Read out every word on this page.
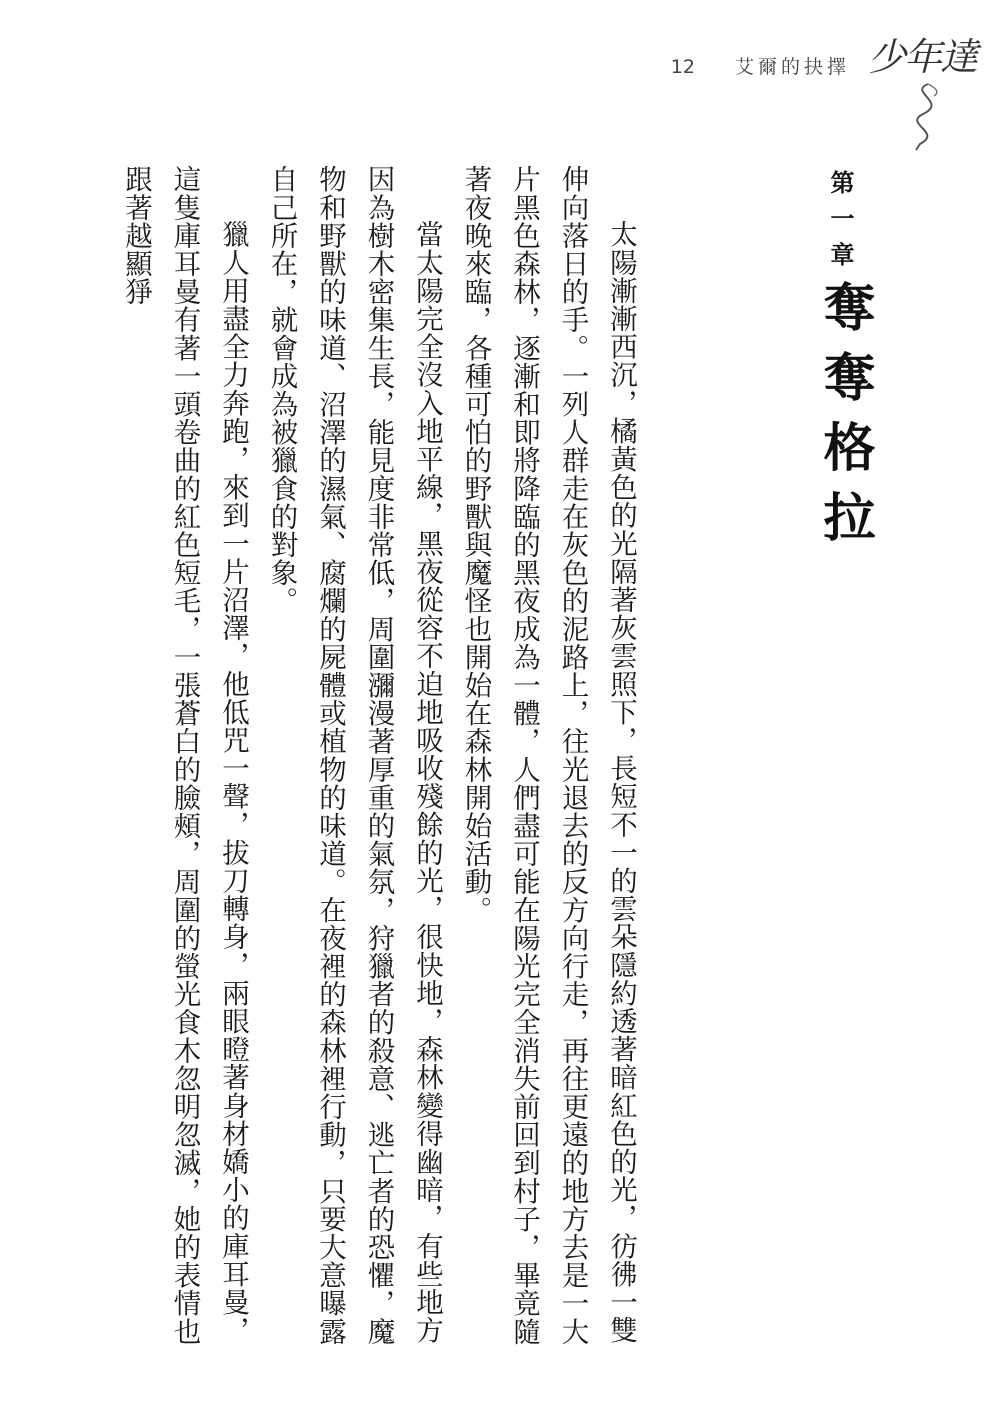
12 艾爾的抉擇 少年達
第一章
奪奪格拉

太陽漸漸西沉，橘黃色的光隔著灰雲照下，長短不一的雲朵隱約透著暗紅色的光，彷彿一雙伸向落日的手。一列人群走在灰色的泥路上，往光退去的反方向行走，再往更遠的地方去是一大片黑色森林，逐漸和即將降臨的黑夜成為一體，人們盡可能在陽光完全消失前回到村子，畢竟隨著夜晚來臨，各種可怕的野獸與魔怪也開始在森林開始活動。

當太陽完全沒入地平線，黑夜從容不迫地吸收殘餘的光，很快地，森林變得幽暗，有些地方因為樹木密集生長，能見度非常低，周圍瀰漫著厚重的氣氛，狩獵者的殺意、逃亡者的恐懼，魔物和野獸的味道、沼澤的濕氣、腐爛的屍體或植物的味道。在夜裡的森林裡行動，只要大意曝露自己所在，就會成為被獵食的對象。

獵人用盡全力奔跑，來到一片沼澤，他低咒一聲，拔刀轉身，兩眼瞪著身材嬌小的庫耳曼，這隻庫耳曼有著一頭卷曲的紅色短毛，一張蒼白的臉頰，周圍的螢光食木忽明忽滅，她的表情也跟著越顯猙
